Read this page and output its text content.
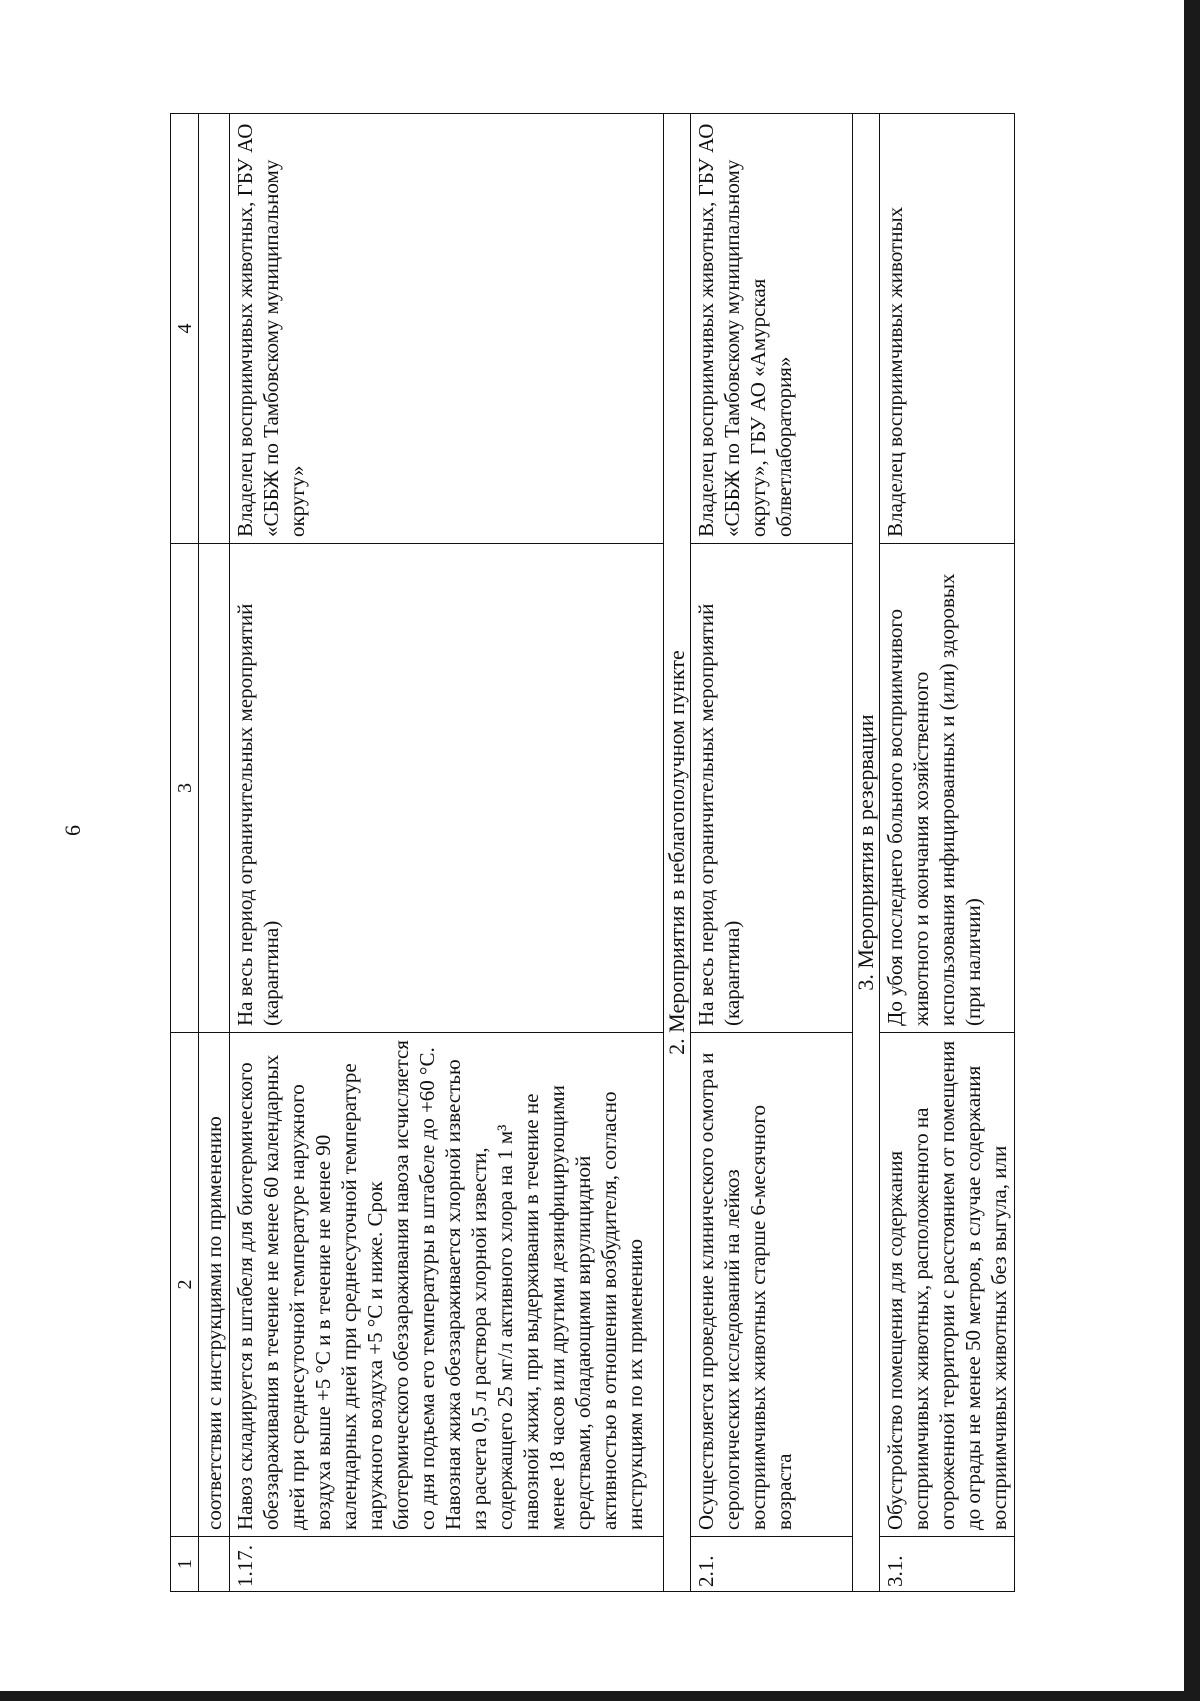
6
1	2	3	4
	соответствии с инструкциями по применению		
1.17.	Навоз складируется в штабеля для биотермического обеззараживания в течение не менее 60 календарных дней при среднесуточной температуре наружного воздуха выше +5 °С и в течение не менее 90 календарных дней при среднесуточной температуре наружного воздуха +5 °С и ниже. Срок биотермического обеззараживания навоза исчисляется со дня подъема его температуры в штабеле до +60 °С. Навозная жижа обеззараживается хлорной известью из расчета 0,5 л раствора хлорной извести, содержащего 25 мг/л активного хлора на 1 м³ навозной жижи, при выдерживании в течение не менее 18 часов или другими дезинфицирующими средствами, обладающими вирулицидной активностью в отношении возбудителя, согласно инструкциям по их применению	На весь период ограничительных мероприятий (карантина)	Владелец восприимчивых животных, ГБУ АО «СББЖ по Тамбовскому муниципальному округу»
2. Мероприятия в неблагополучном пункте			
2.1.	Осуществляется проведение клинического осмотра и серологических исследований на лейкоз восприимчивых животных старше 6-месячного возраста	На весь период ограничительных мероприятий (карантина)	Владелец восприимчивых животных, ГБУ АО «СББЖ по Тамбовскому муниципальному округу», ГБУ АО «Амурская облветлаборатория»
3. Мероприятия в резервации			
3.1.	Обустройство помещения для содержания восприимчивых животных, расположенного на огороженной территории с расстоянием от помещения до ограды не менее 50 метров, в случае содержания восприимчивых животных без выгула, или	До убоя последнего больного восприимчивого животного и окончания хозяйственного использования инфицированных и (или) здоровых (при наличии)	Владелец восприимчивых животных
